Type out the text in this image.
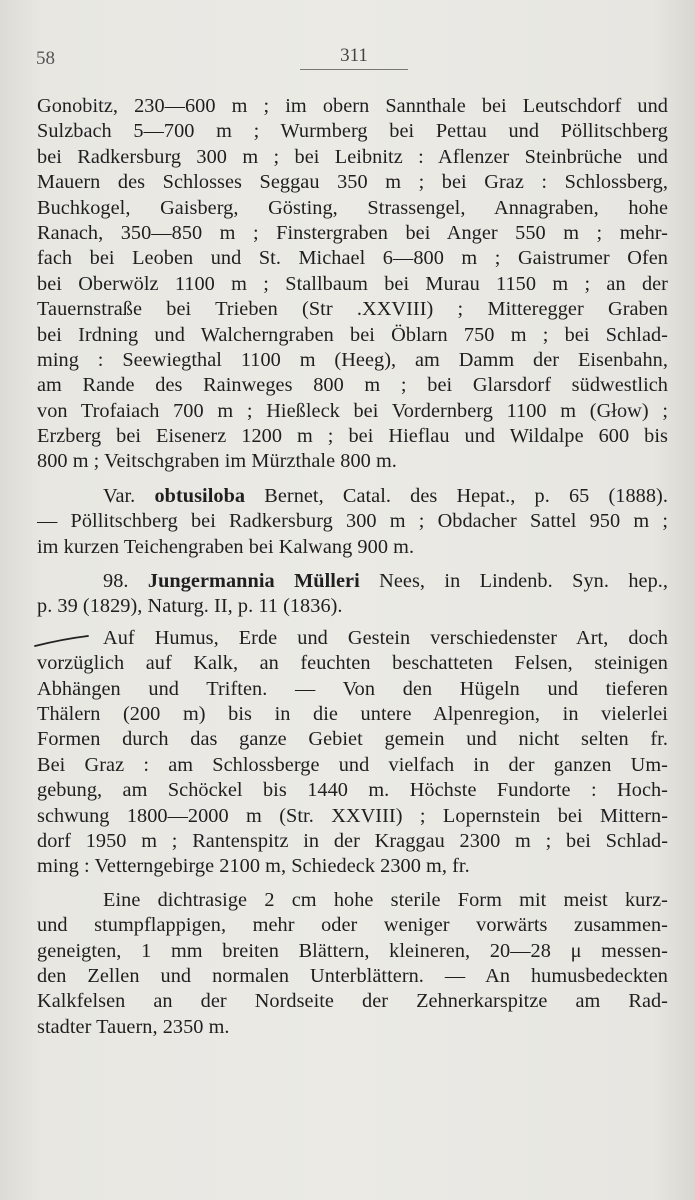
58	311
Gonobitz, 230—600 m ; im obern Sannthale bei Leutschdorf und
Sulzbach 5—700 m ; Wurmberg bei Pettau und Pöllitschberg
bei Radkersburg 300 m ; bei Leibnitz : Aflenzer Steinbrüche und
Mauern des Schlosses Seggau 350 m ; bei Graz : Schlossberg,
Buchkogel, Gaisberg, Gösting, Strassengel, Annagraben, hohe
Ranach, 350—850 m ; Finstergraben bei Anger 550 m ; mehr-
fach bei Leoben und St. Michael 6—800 m ; Gaistrumer Ofen
bei Oberwölz 1100 m ; Stallbaum bei Murau 1150 m ; an der
Tauernstraße bei Trieben (Str .XXVIII) ; Mitteregger Graben
bei Irdning und Walcherngraben bei Öblarn 750 m ; bei Schlad-
ming : Seewiegthal 1100 m (Heeg), am Damm der Eisenbahn,
am Rande des Rainweges 800 m ; bei Glarsdorf südwestlich
von Trofaiach 700 m ; Hießleck bei Vordernberg 1100 m (Głow) ;
Erzberg bei Eisenerz 1200 m ; bei Hieflau und Wildalpe 600 bis
800 m ; Veitschgraben im Mürzthale 800 m.
Var. obtusiloba Bernet, Catal. des Hepat., p. 65 (1888).
— Pöllitschberg bei Radkersburg 300 m ; Obdacher Sattel 950 m ;
im kurzen Teichengraben bei Kalwang 900 m.
98. Jungermannia Mülleri Nees, in Lindenb. Syn. hep.,
p. 39 (1829), Naturg. II, p. 11 (1836).
Auf Humus, Erde und Gestein verschiedenster Art, doch
vorzüglich auf Kalk, an feuchten beschatteten Felsen, steinigen
Abhängen und Triften. — Von den Hügeln und tieferen
Thälern (200 m) bis in die untere Alpenregion, in vielerlei
Formen durch das ganze Gebiet gemein und nicht selten fr.
Bei Graz : am Schlossberge und vielfach in der ganzen Um-
gebung, am Schöckel bis 1440 m. Höchste Fundorte : Hoch-
schwung 1800—2000 m (Str. XXVIII) ; Lopernstein bei Mittern-
dorf 1950 m ; Rantenspitz in der Kraggau 2300 m ; bei Schlad-
ming : Vetterngebirge 2100 m, Schiedeck 2300 m, fr.
Eine dichtrasige 2 cm hohe sterile Form mit meist kurz-
und stumpflappigen, mehr oder weniger vorwärts zusammen-
geneigten, 1 mm breiten Blättern, kleineren, 20—28 μ messen-
den Zellen und normalen Unterblättern. — An humusbedeckten
Kalkfelsen an der Nordseite der Zehnerkarspitze am Rad-
stadter Tauern, 2350 m.
